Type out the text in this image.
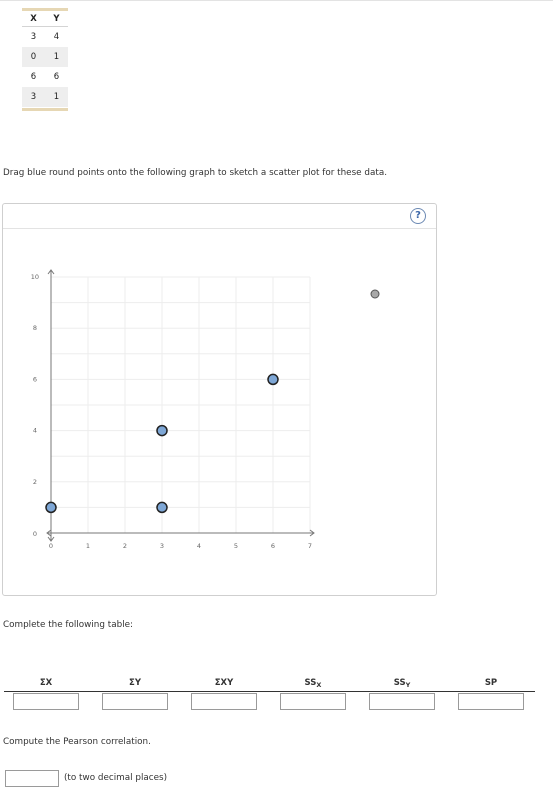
X	Y
3	4
0	1
6	6
3	1
Drag blue round points onto the following graph to sketch a scatter plot for these data.
?
0	1	2	3	4	5	6	7
0
2
4
6
8
10
Complete the following table:
ΣX	ΣY	ΣXY	$SS_X$	$SS_Y$	SP
Compute the Pearson correlation.
(to two decimal places)
